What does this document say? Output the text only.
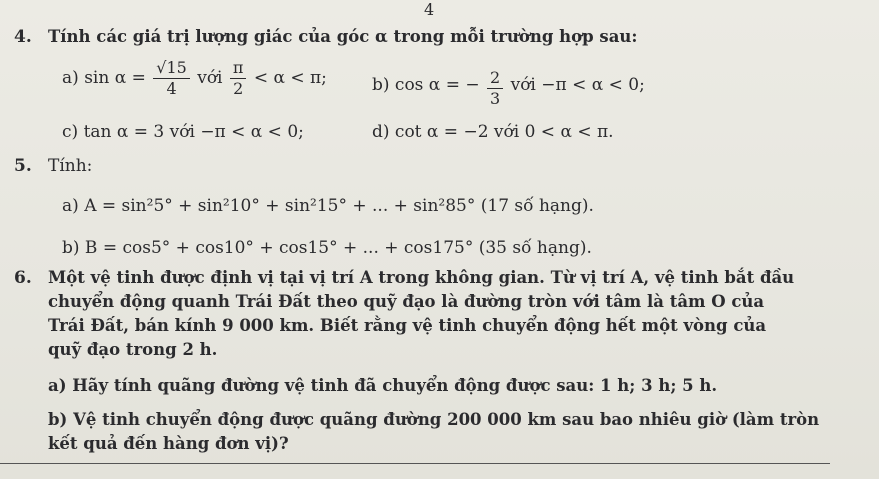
4
4. Tính các giá trị lượng giác của góc α trong mỗi trường hợp sau:
a) $\sin \alpha = \frac{√15}{4}$ với $\frac{\pi}{2} < \alpha < \pi$;	b) cos α = − $\frac{2}{3}$ với −π < α < 0;
c) tan α = 3 với −π < α < 0;	d) cot α = −2 với 0 < α < π.
5. Tính:
a) A = sin²5° + sin²10° + sin²15° + ... + sin²85° (17 số hạng).
b) B = cos5° + cos10° + cos15° + ... + cos175° (35 số hạng).
6. Một vệ tinh được định vị tại vị trí A trong không gian. Từ vị trí A, vệ tinh bắt đầu
chuyển động quanh Trái Đất theo quỹ đạo là đường tròn với tâm là tâm O của
Trái Đất, bán kính 9 000 km. Biết rằng vệ tinh chuyển động hết một vòng của
quỹ đạo trong 2 h.
a) Hãy tính quãng đường vệ tinh đã chuyển động được sau: 1 h; 3 h; 5 h.
b) Vệ tinh chuyển động được quãng đường 200 000 km sau bao nhiêu giờ (làm tròn
kết quả đến hàng đơn vị)?
